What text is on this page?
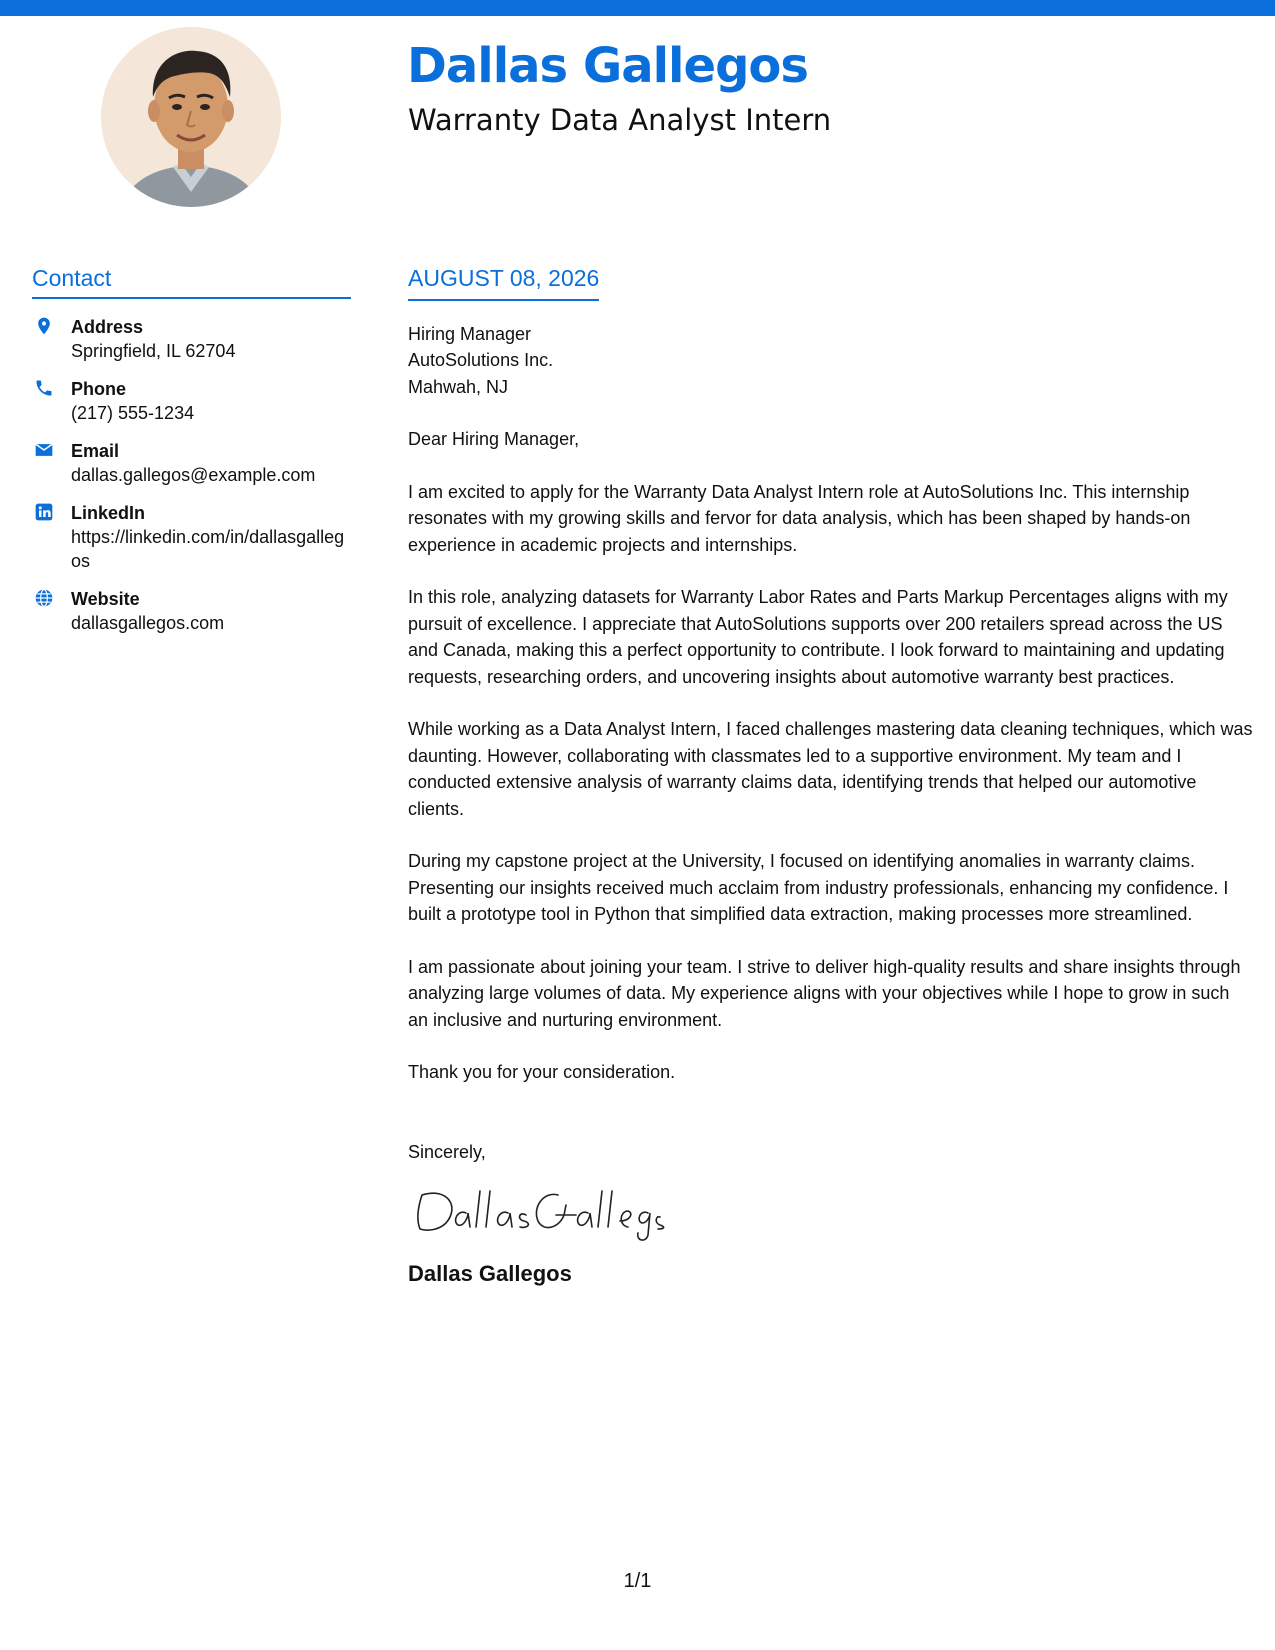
Dallas Gallegos
Warranty Data Analyst Intern
Contact
Address
Springfield, IL 62704
Phone
(217) 555-1234
Email
dallas.gallegos@example.com
LinkedIn
https://linkedin.com/in/dallasgallegos
Website
dallasgallegos.com
AUGUST 08, 2026
Hiring Manager
AutoSolutions Inc.
Mahwah, NJ
Dear Hiring Manager,

I am excited to apply for the Warranty Data Analyst Intern role at AutoSolutions Inc. This internship resonates with my growing skills and fervor for data analysis, which has been shaped by hands-on experience in academic projects and internships.

In this role, analyzing datasets for Warranty Labor Rates and Parts Markup Percentages aligns with my pursuit of excellence. I appreciate that AutoSolutions supports over 200 retailers spread across the US and Canada, making this a perfect opportunity to contribute. I look forward to maintaining and updating requests, researching orders, and uncovering insights about automotive warranty best practices.

While working as a Data Analyst Intern, I faced challenges mastering data cleaning techniques, which was daunting. However, collaborating with classmates led to a supportive environment. My team and I conducted extensive analysis of warranty claims data, identifying trends that helped our automotive clients.

During my capstone project at the University, I focused on identifying anomalies in warranty claims. Presenting our insights received much acclaim from industry professionals, enhancing my confidence. I built a prototype tool in Python that simplified data extraction, making processes more streamlined.

I am passionate about joining your team. I strive to deliver high-quality results and share insights through analyzing large volumes of data. My experience aligns with your objectives while I hope to grow in such an inclusive and nurturing environment.

Thank you for your consideration.
Sincerely,
Dallas Gallegos
1/1
